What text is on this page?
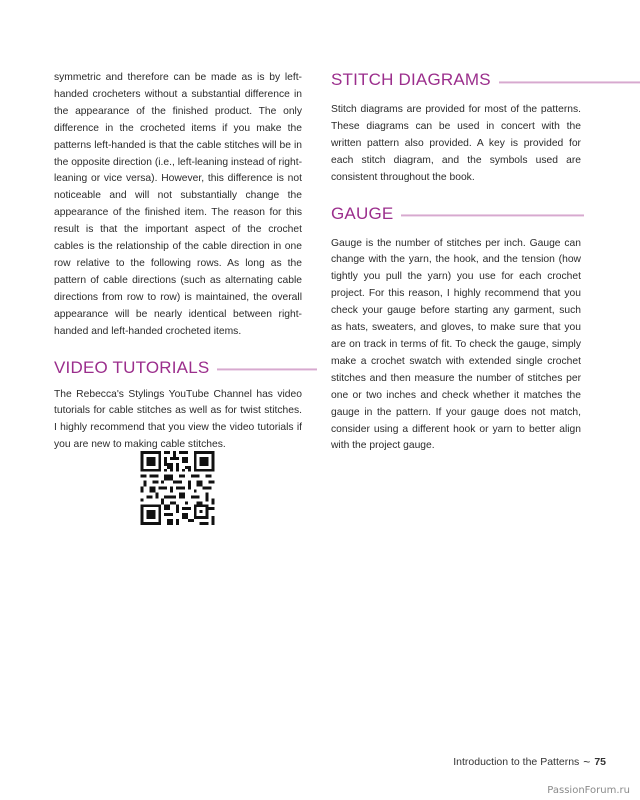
symmetric and therefore can be made as is by left-handed crocheters without a substantial difference in the appearance of the finished product. The only difference in the crocheted items if you make the patterns left-handed is that the cable stitches will be in the opposite direction (i.e., left-leaning instead of right-leaning or vice versa). However, this difference is not noticeable and will not substantially change the appearance of the finished item. The reason for this result is that the important aspect of the crochet cables is the relationship of the cable direction in one row relative to the following rows. As long as the pattern of cable directions (such as alternating cable directions from row to row) is maintained, the overall appearance will be nearly identical between right-handed and left-handed crocheted items.

VIDEO TUTORIALS

The Rebecca's Stylings YouTube Channel has video tutorials for cable stitches as well as for twist stitches. I highly recommend that you view the video tutorials if you are new to making cable stitches.

STITCH DIAGRAMS

Stitch diagrams are provided for most of the patterns. These diagrams can be used in concert with the written pattern also provided. A key is provided for each stitch diagram, and the symbols used are consistent throughout the book.

GAUGE

Gauge is the number of stitches per inch. Gauge can change with the yarn, the hook, and the tension (how tightly you pull the yarn) you use for each crochet project. For this reason, I highly recommend that you check your gauge before starting any garment, such as hats, sweaters, and gloves, to make sure that you are on track in terms of fit. To check the gauge, simply make a crochet swatch with extended single crochet stitches and then measure the number of stitches per one or two inches and check whether it matches the gauge in the pattern. If your gauge does not match, consider using a different hook or yarn to better align with the project gauge.

Introduction to the Patterns ~ 75
PassionForum.ru
